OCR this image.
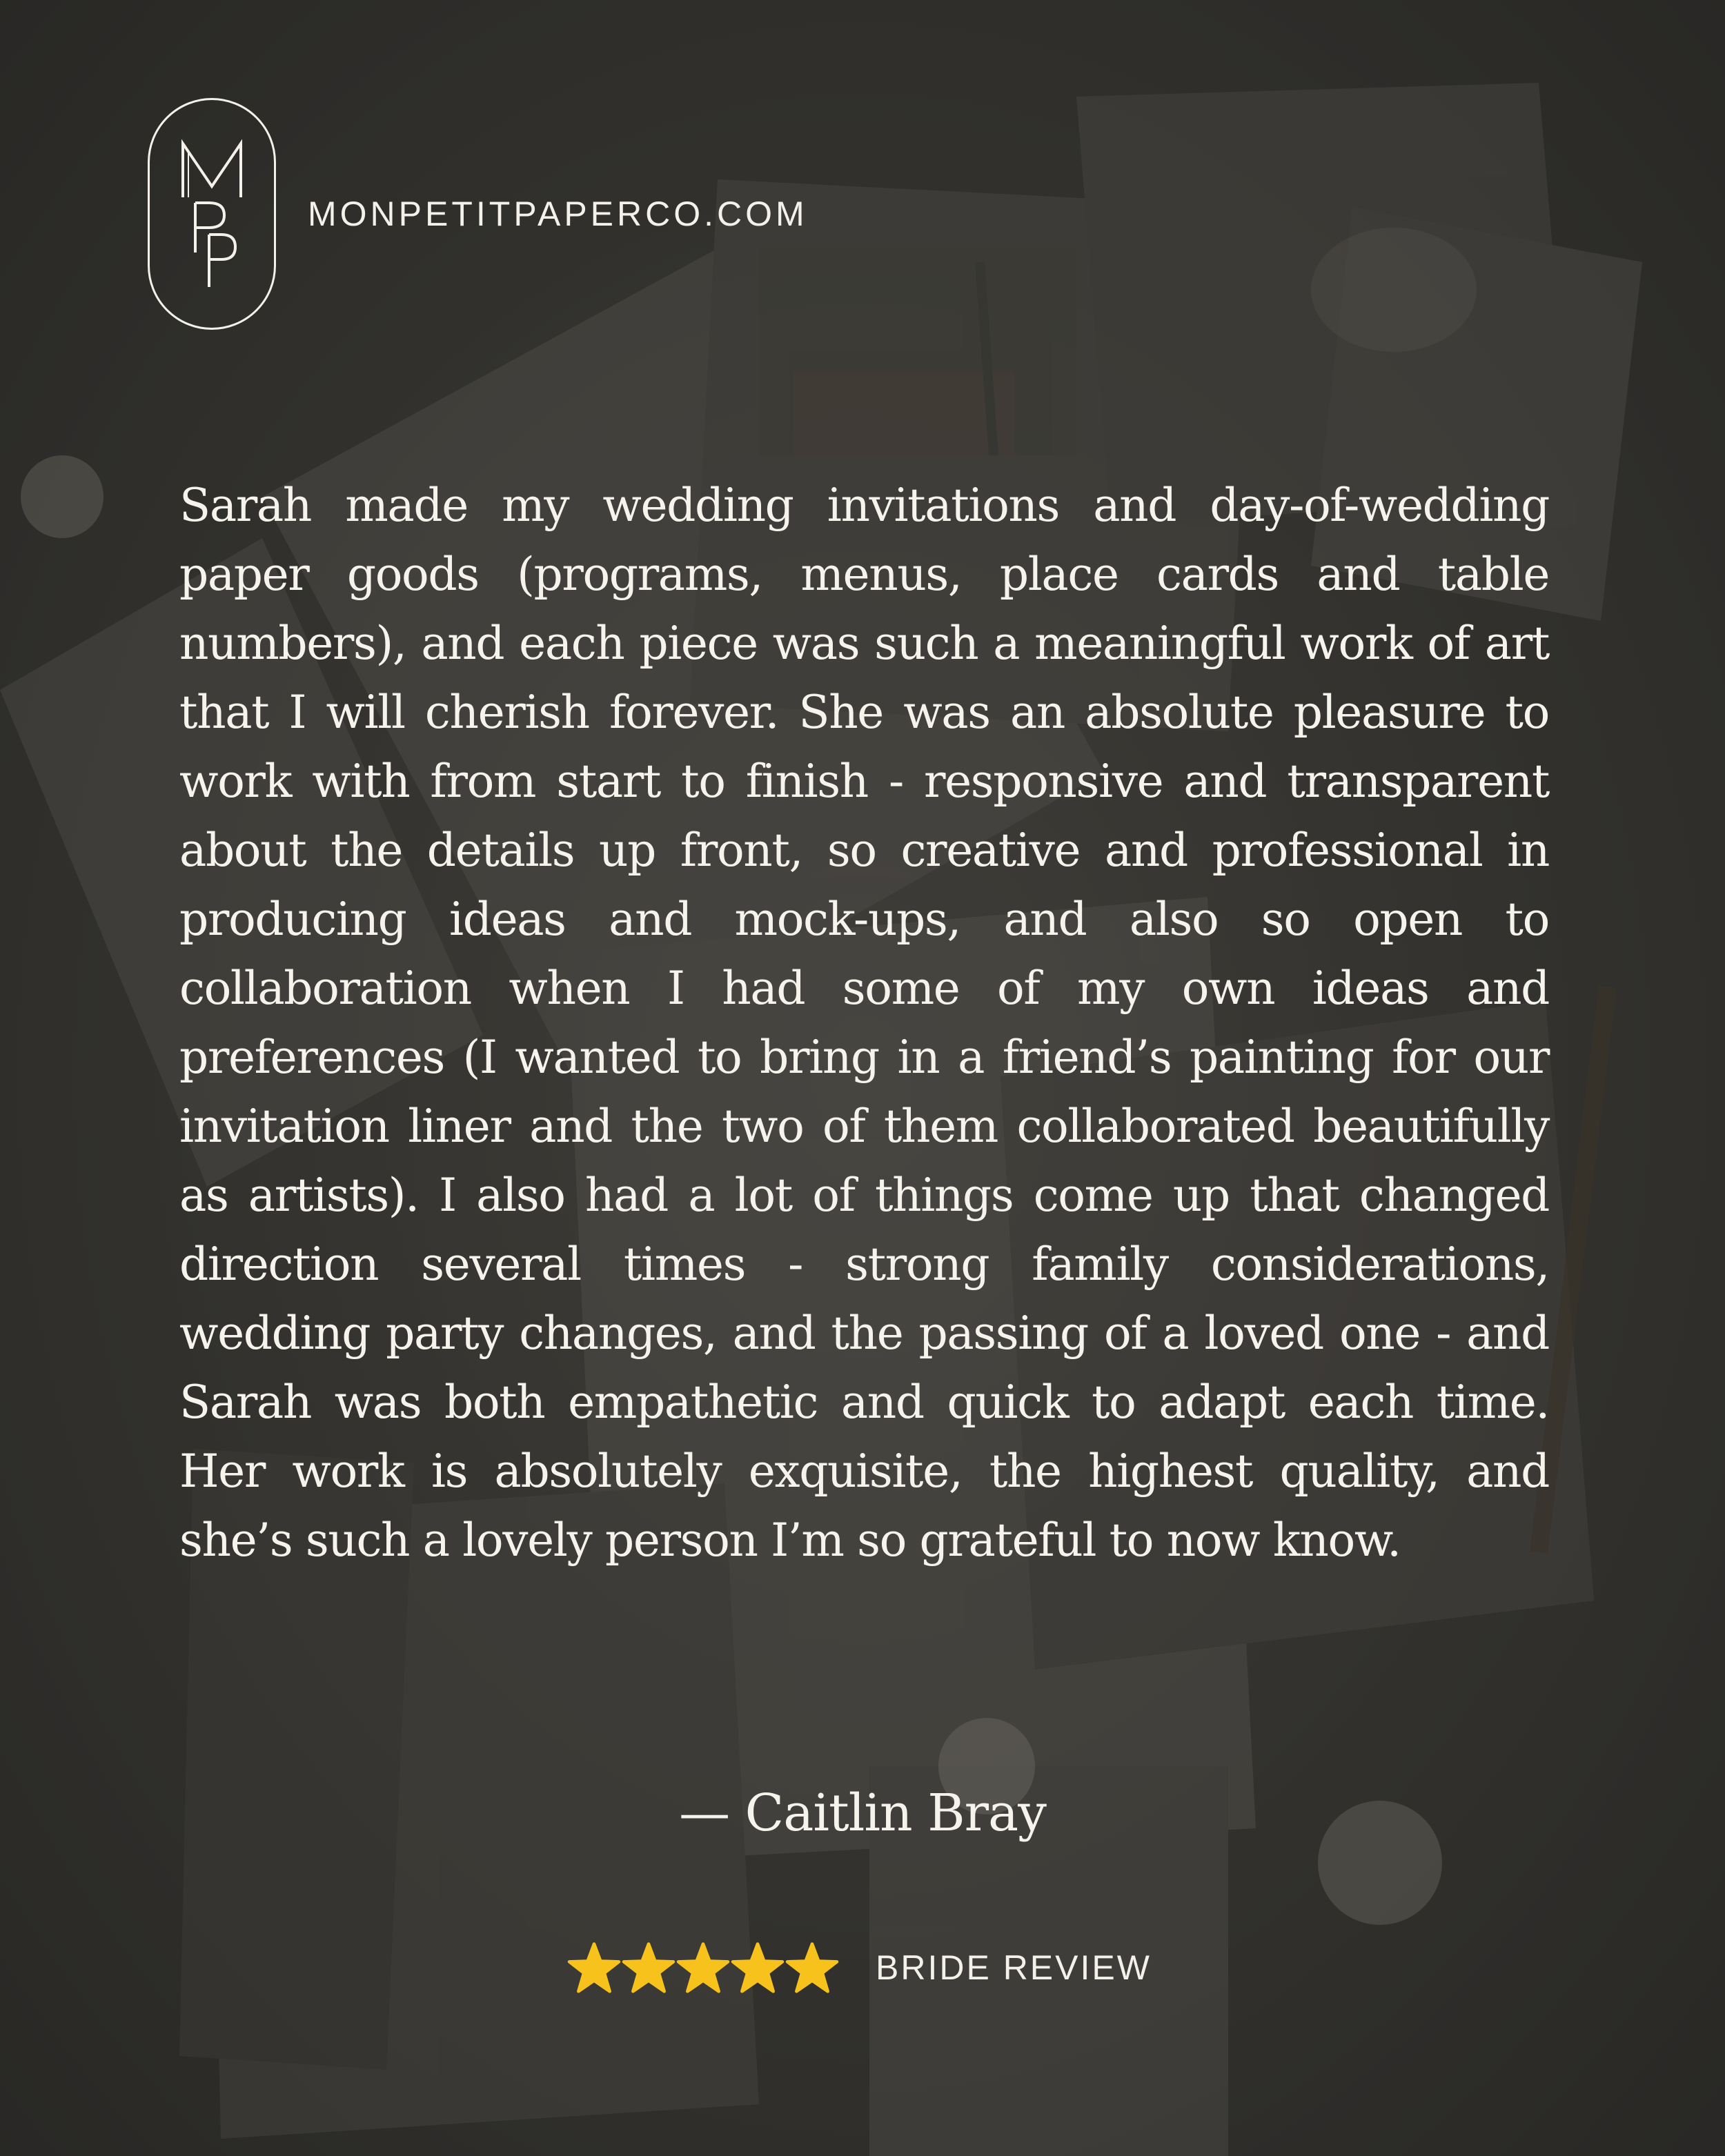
MONPETITPAPERCO.COM

Sarah made my wedding invitations and day-of-wedding paper goods (programs, menus, place cards and table numbers), and each piece was such a meaningful work of art that I will cherish forever. She was an absolute pleasure to work with from start to finish - responsive and transparent about the details up front, so creative and professional in producing ideas and mock-ups, and also so open to collaboration when I had some of my own ideas and preferences (I wanted to bring in a friend’s painting for our invitation liner and the two of them collaborated beautifully as artists). I also had a lot of things come up that changed direction several times - strong family considerations, wedding party changes, and the passing of a loved one - and Sarah was both empathetic and quick to adapt each time. Her work is absolutely exquisite, the highest quality, and she’s such a lovely person I’m so grateful to now know.

— Caitlin Bray
BRIDE REVIEW
